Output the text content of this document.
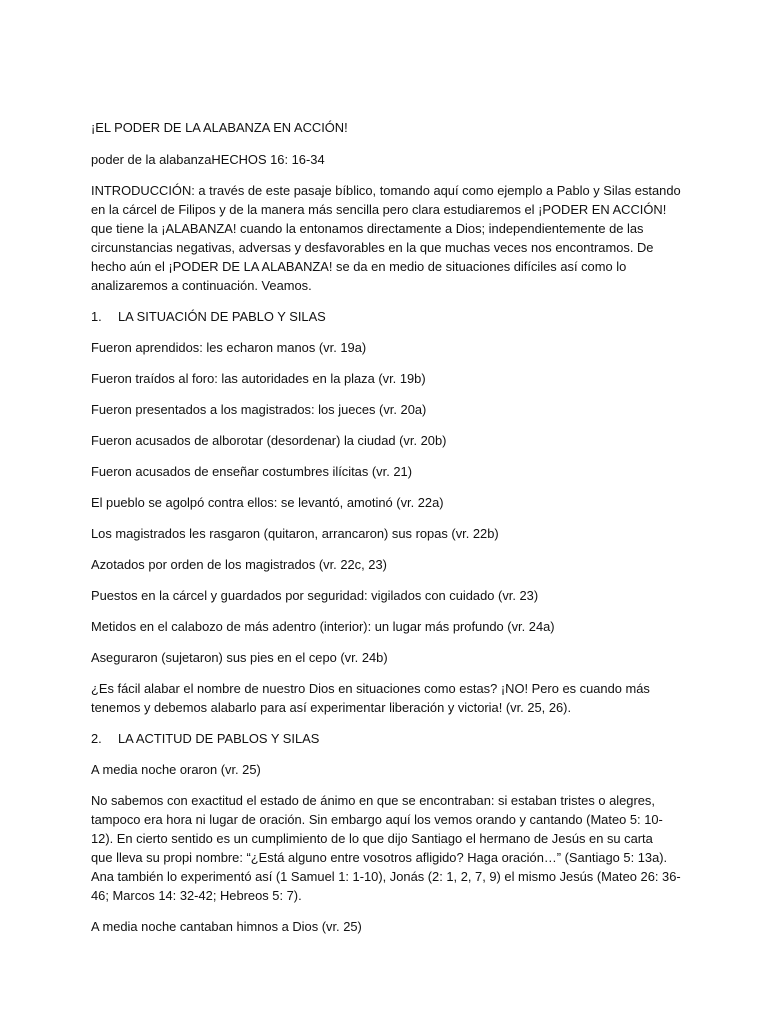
¡EL PODER DE LA ALABANZA EN ACCIÓN!
poder de la alabanzaHECHOS 16: 16-34
INTRODUCCIÓN: a través de este pasaje bíblico, tomando aquí como ejemplo a Pablo y Silas estando
en la cárcel de Filipos y de la manera más sencilla pero clara estudiaremos el ¡PODER EN ACCIÓN!
que tiene la ¡ALABANZA! cuando la entonamos directamente a Dios; independientemente de las
circunstancias negativas, adversas y desfavorables en la que muchas veces nos encontramos. De
hecho aún el ¡PODER DE LA ALABANZA! se da en medio de situaciones difíciles así como lo
analizaremos a continuación. Veamos.
1.	LA SITUACIÓN DE PABLO Y SILAS
Fueron aprendidos: les echaron manos (vr. 19a)
Fueron traídos al foro: las autoridades en la plaza (vr. 19b)
Fueron presentados a los magistrados: los jueces (vr. 20a)
Fueron acusados de alborotar (desordenar) la ciudad (vr. 20b)
Fueron acusados de enseñar costumbres ilícitas (vr. 21)
El pueblo se agolpó contra ellos: se levantó, amotinó (vr. 22a)
Los magistrados les rasgaron (quitaron, arrancaron) sus ropas (vr. 22b)
Azotados por orden de los magistrados (vr. 22c, 23)
Puestos en la cárcel y guardados por seguridad: vigilados con cuidado (vr. 23)
Metidos en el calabozo de más adentro (interior): un lugar más profundo (vr. 24a)
Aseguraron (sujetaron) sus pies en el cepo (vr. 24b)
¿Es fácil alabar el nombre de nuestro Dios en situaciones como estas? ¡NO! Pero es cuando más
tenemos y debemos alabarlo para así experimentar liberación y victoria! (vr. 25, 26).
2.	LA ACTITUD DE PABLOS Y SILAS
A media noche oraron (vr. 25)
No sabemos con exactitud el estado de ánimo en que se encontraban: si estaban tristes o alegres,
tampoco era hora ni lugar de oración. Sin embargo aquí los vemos orando y cantando (Mateo 5: 10-
12). En cierto sentido es un cumplimiento de lo que dijo Santiago el hermano de Jesús en su carta
que lleva su propi nombre: “¿Está alguno entre vosotros afligido? Haga oración…” (Santiago 5: 13a).
Ana también lo experimentó así (1 Samuel 1: 1-10), Jonás (2: 1, 2, 7, 9) el mismo Jesús (Mateo 26: 36-
46; Marcos 14: 32-42; Hebreos 5: 7).
A media noche cantaban himnos a Dios (vr. 25)
